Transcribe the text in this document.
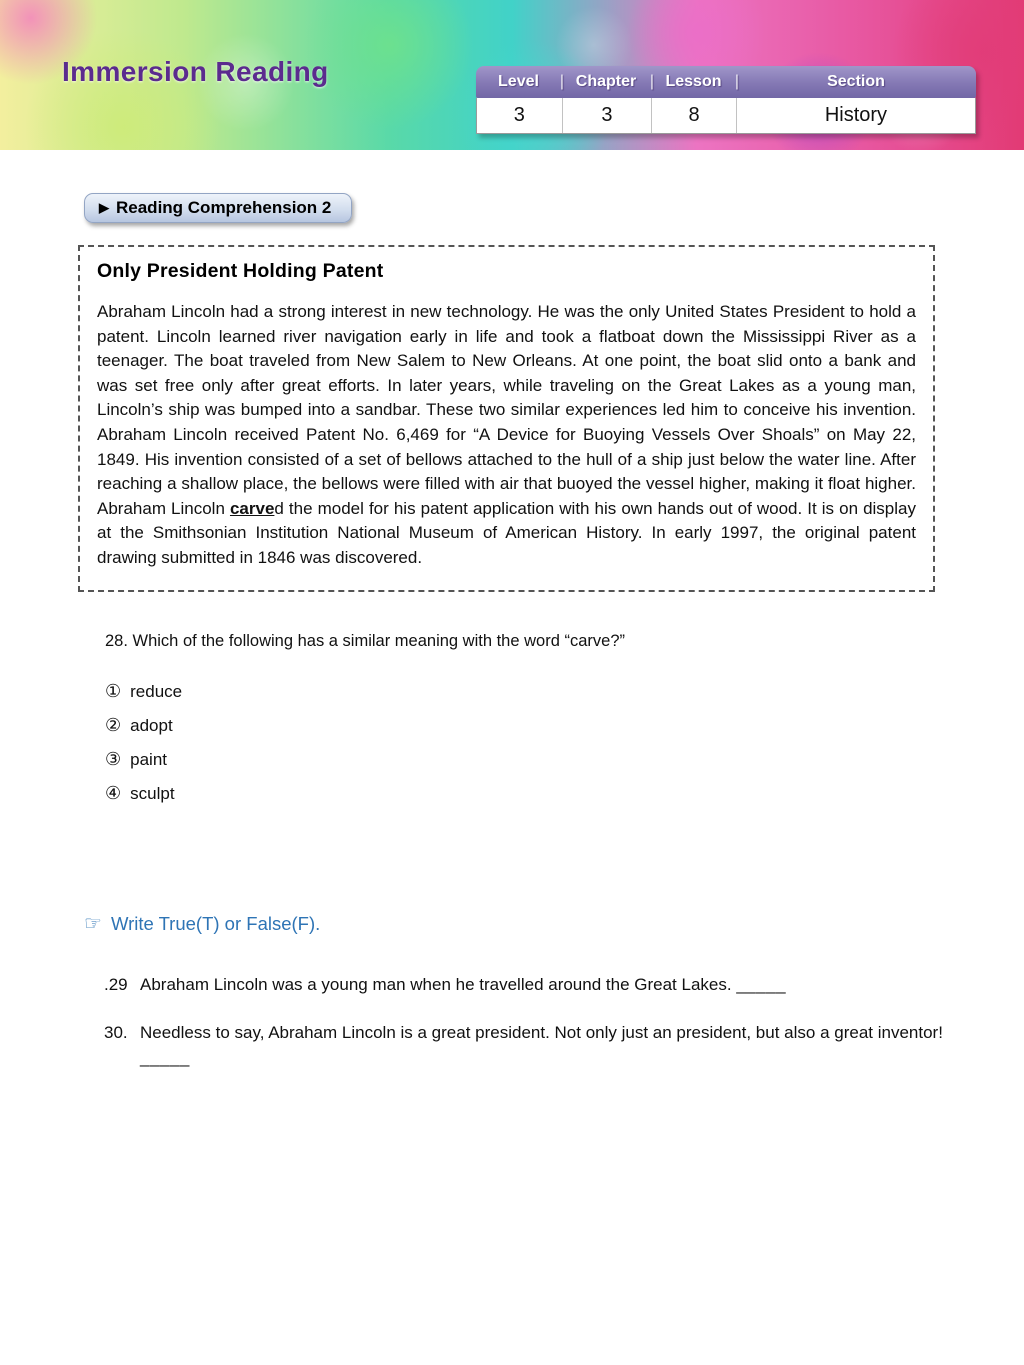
Immersion Reading	Level | Chapter | Lesson |	Section
3	3	8	History
▶ Reading Comprehension 2
Only President Holding Patent

Abraham Lincoln had a strong interest in new technology. He was the only United States President to hold a patent. Lincoln learned river navigation early in life and took a flatboat down the Mississippi River as a teenager. The boat traveled from New Salem to New Orleans. At one point, the boat slid onto a bank and was set free only after great efforts. In later years, while traveling on the Great Lakes as a young man, Lincoln’s ship was bumped into a sandbar. These two similar experiences led him to conceive his invention. Abraham Lincoln received Patent No. 6,469 for “A Device for Buoying Vessels Over Shoals” on May 22, 1849. His invention consisted of a set of bellows attached to the hull of a ship just below the water line. After reaching a shallow place, the bellows were filled with air that buoyed the vessel higher, making it float higher. Abraham Lincoln carved the model for his patent application with his own hands out of wood. It is on display at the Smithsonian Institution National Museum of American History. In early 1997, the original patent drawing submitted in 1846 was discovered.

28. Which of the following has a similar meaning with the word “carve?”
① reduce
② adopt
③ paint
④ sculpt
☞ Write True(T) or False(F).
.29 Abraham Lincoln was a young man when he travelled around the Great Lakes. _____
30. Needless to say, Abraham Lincoln is a great president. Not only just an president, but also a great inventor! _____
